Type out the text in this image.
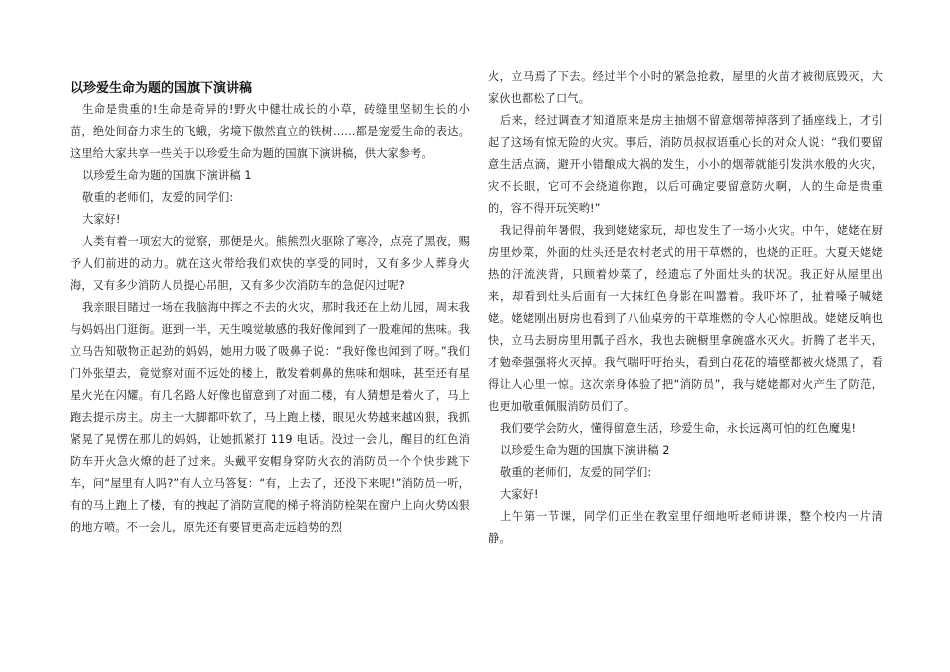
以珍爱生命为题的国旗下演讲稿

生命是贵重的!生命是奇异的!野火中健壮成长的小草，砖缝里坚韧生长的小苗，绝处间奋力求生的飞蛾，劣境下傲然直立的铁树……都是宠爱生命的表达。这里给大家共享一些关于以珍爱生命为题的国旗下演讲稿，供大家参考。

以珍爱生命为题的国旗下演讲稿 1

敬重的老师们，友爱的同学们:

大家好!

人类有着一项宏大的觉察，那便是火。熊熊烈火驱除了寒冷，点亮了黑夜，赐予人们前进的动力。就在这火带给我们欢快的享受的同时，又有多少人葬身火海，又有多少消防人员提心吊胆，又有多少次消防车的急促闪过呢?

我亲眼目睹过一场在我脑海中挥之不去的火灾，那时我还在上幼儿园，周末我与妈妈出门逛街。逛到一半，天生嗅觉敏感的我好像闻到了一股难闻的焦味。我立马告知敬物正起劲的妈妈，她用力吸了吸鼻子说：“我好像也闻到了呀。”我们门外张望去，竟觉察对面不远处的楼上，散发着刺鼻的焦味和烟味，甚至还有星星火光在闪耀。有几名路人好像也留意到了对面二楼，有人猜想是着火了，马上跑去提示房主。房主一大脚都吓软了，马上跑上楼，眼见火势越来越凶狠，我抓紧晃了晃愣在那儿的妈妈，让她抓紧打 119 电话。没过一会儿，醒目的红色消防车开火急火燎的赶了过来。头戴平安帽身穿防火衣的消防员一个个快步跳下车，问“屋里有人吗?”有人立马答复：“有，上去了，还没下来呢!”消防员一听，有的马上跑上了楼，有的拽起了消防宣爬的梯子将消防栓架在窗户上向火势凶狠的地方喷。不一会儿，原先还有要冒更高走远趋势的烈

火，立马焉了下去。经过半个小时的紧急抢救，屋里的火苗才被彻底毁灭，大家伙也都松了口气。

后来，经过调查才知道原来是房主抽烟不留意烟蒂掉落到了插座线上，才引起了这场有惊无险的火灾。事后，消防员叔叔语重心长的对众人说：“我们要留意生活点滴，避开小错酿成大祸的发生，小小的烟蒂就能引发洪水般的火灾，灾不长眼，它可不会绕道你跑，以后可确定要留意防火啊，人的生命是贵重的，容不得开玩笑哟!”

我记得前年暑假，我到姥姥家玩，却也发生了一场小火灾。中午，姥姥在厨房里炒菜，外面的灶头还是农村老式的用干草燃的，也烧的正旺。大夏天姥姥热的汗流浃背，只顾着炒菜了，经遗忘了外面灶头的状况。我正好从屋里出来，却看到灶头后面有一大抹红色身影在叫嚣着。我吓坏了，扯着嗓子喊姥姥。姥姥刚出厨房也看到了八仙桌旁的干草堆燃的令人心惊胆战。姥姥反响也快，立马去厨房里用瓢子舀水，我也去碗橱里拿碗盛水灭火。折腾了老半天，才勉牵强强将火灭掉。我气喘吁吁抬头，看到白花花的墙壁都被火烧黑了，看得让人心里一惊。这次亲身体验了把“消防员”，我与姥姥都对火产生了防范，也更加敬重佩服消防员们了。

我们要学会防火，懂得留意生活，珍爱生命，永长远离可怕的红色魔鬼!

以珍爱生命为题的国旗下演讲稿 2

敬重的老师们，友爱的同学们:

大家好!

上午第一节课，同学们正坐在教室里仔细地听老师讲课，整个校内一片清静。
